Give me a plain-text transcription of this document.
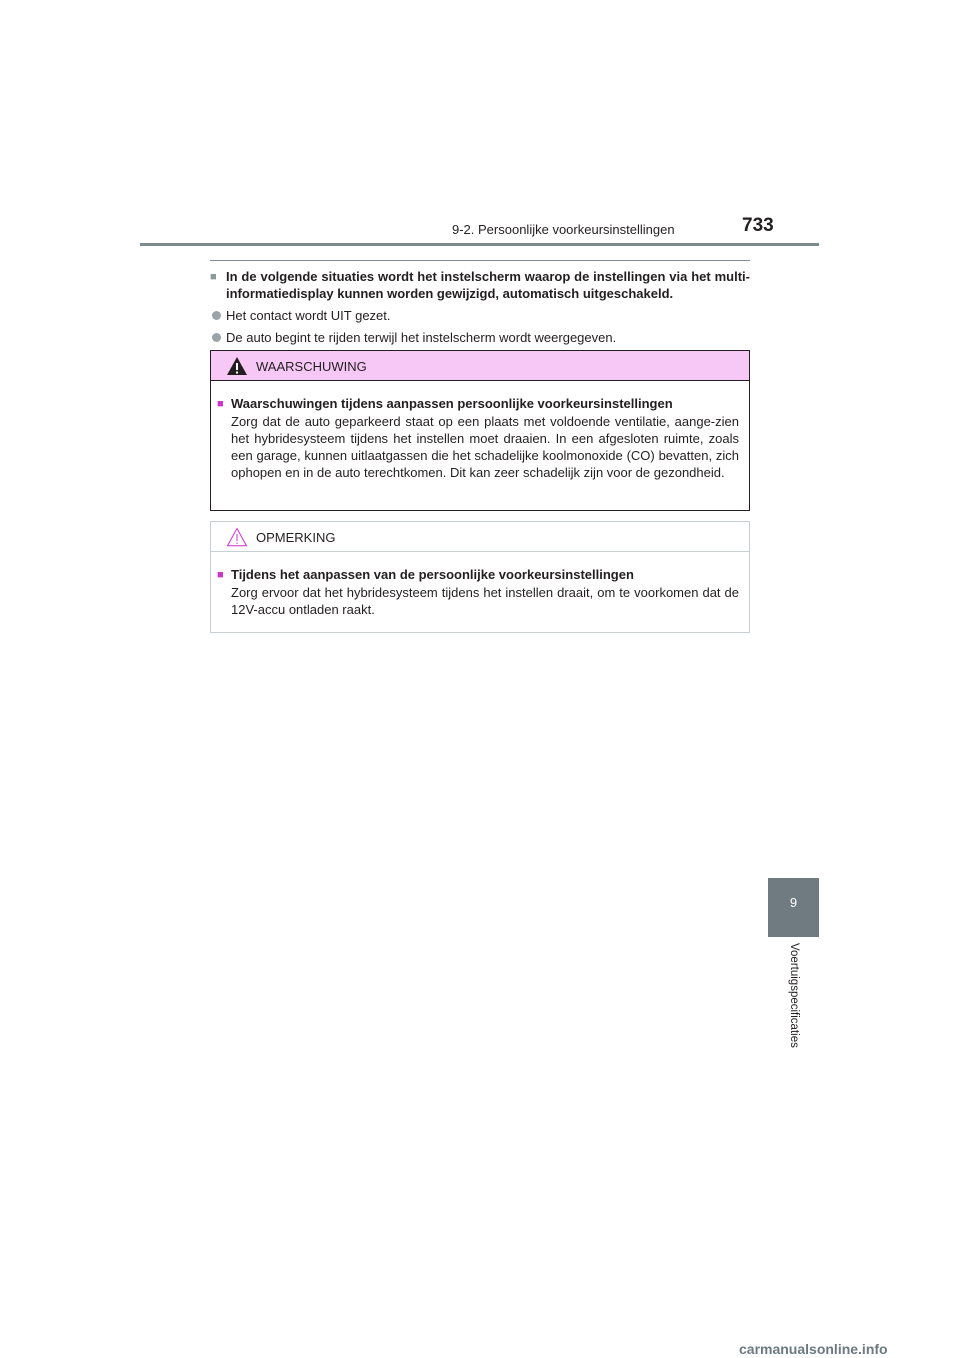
9-2. Persoonlijke voorkeursinstellingen	733
■ In de volgende situaties wordt het instelscherm waarop de instellingen via het multi-informatiedisplay kunnen worden gewijzigd, automatisch uitgeschakeld.
Het contact wordt UIT gezet.
De auto begint te rijden terwijl het instelscherm wordt weergegeven.
WAARSCHUWING
■ Waarschuwingen tijdens aanpassen persoonlijke voorkeursinstellingen
Zorg dat de auto geparkeerd staat op een plaats met voldoende ventilatie, aange-zien het hybridesysteem tijdens het instellen moet draaien. In een afgesloten ruimte, zoals een garage, kunnen uitlaatgassen die het schadelijke koolmonoxide (CO) bevatten, zich ophopen en in de auto terechtkomen. Dit kan zeer schadelijk zijn voor de gezondheid.
OPMERKING
■ Tijdens het aanpassen van de persoonlijke voorkeursinstellingen
Zorg ervoor dat het hybridesysteem tijdens het instellen draait, om te voorkomen dat de 12V-accu ontladen raakt.
9
Voertuigspecificaties
carmanualsonline.info
